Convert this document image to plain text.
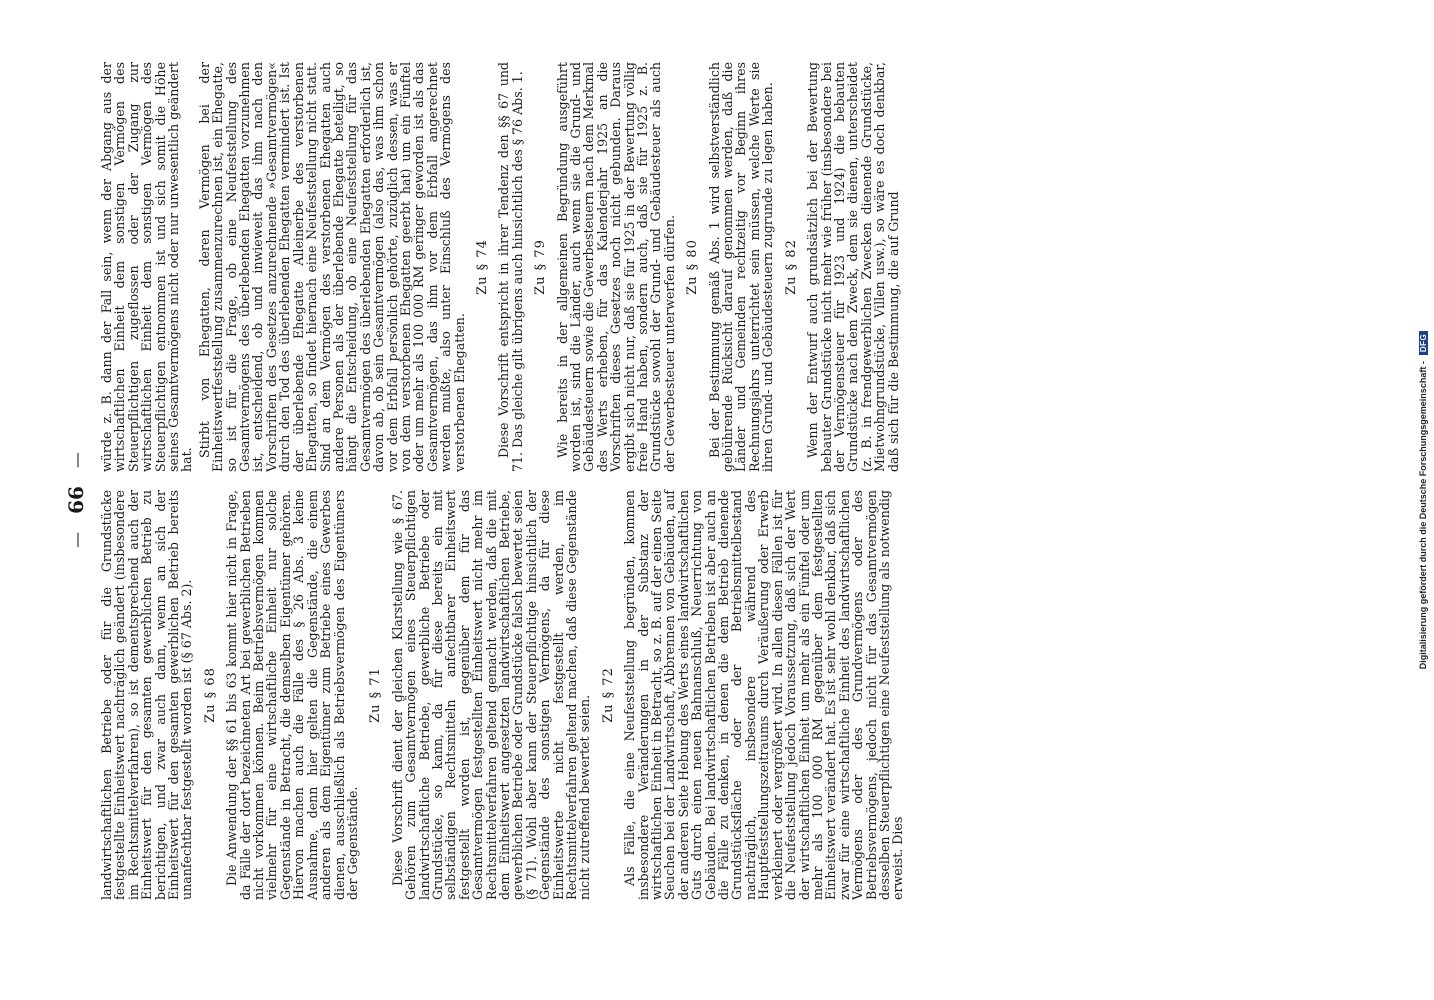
—
66
—

landwirtschaftlichen Betriebe oder für die Grundstücke festgestellte Einheitswert nachträglich geändert (insbesondere im Rechtsmittelverfahren), so ist dementsprechend auch der Einheitswert für den gesamten gewerblichen Betrieb zu berichtigen, und zwar auch dann, wenn an sich der Einheitswert für den gesamten gewerblichen Betrieb bereits unanfechtbar festgestellt worden ist (§ 67 Abs. 2). Zu § 68 Die Anwendung der §§ 61 bis 63 kommt hier nicht in Frage, da Fälle der dort bezeichneten Art bei gewerblichen Betrieben nicht vorkommen können. Beim Betriebsvermögen kommen vielmehr für eine wirtschaftliche Einheit nur solche Gegenstände in Betracht, die demselben Eigentümer gehören. Hiervon machen auch die Fälle des § 26 Abs. 3 keine Ausnahme, denn hier gelten die Gegenstände, die einem anderen als dem Eigentümer zum Betriebe eines Gewerbes dienen, ausschließlich als Betriebsvermögen des Eigentümers der Gegenstände.

Zu § 71 Diese Vorschrift dient der gleichen Klarstellung wie § 67. Gehören zum Gesamtvermögen eines Steuerpflichtigen landwirtschaftliche Betriebe, gewerbliche Betriebe oder Grundstücke, so kann, da für diese bereits ein mit selbständigen Rechtsmitteln anfechtbarer Einheitswert festgestellt worden ist, gegenüber dem für das Gesamtvermögen festgestellten Einheitswert nicht mehr im Rechtsmittelverfahren geltend gemacht werden, daß die mit dem Einheitswert angesetzten landwirtschaftlichen Betriebe, gewerblichen Betriebe oder Grundstücke falsch bewertet seien (§ 71). Wohl aber kann der Steuerpflichtige hinsichtlich der Gegenstände des sonstigen Vermögens, da für diese Einheitswerte nicht festgestellt werden, im Rechtsmittelverfahren geltend machen, daß diese Gegenstände nicht zutreffend bewertet seien. Zu § 72 Als Fälle, die eine Neufeststellung begründen, kommen insbesondere Veränderungen in der Substanz der wirtschaftlichen Einheit in Betracht, so z. B. auf der einen Seite Seuchen bei der Landwirtschaft, Abbrennen von Gebäuden, auf der anderen Seite Hebung des Werts eines landwirtschaftlichen Guts durch einen neuen Bahnanschluß, Neuerrichtung von Gebäuden. Bei landwirtschaftlichen Betrieben ist aber auch an die Fälle zu denken, in denen die dem Betrieb dienende Grundstücksfläche oder der Betriebsmittelbestand nachträglich, insbesondere während des Hauptfeststellungszeitraums durch Veräußerung oder Erwerb verkleinert oder vergrößert wird. In allen diesen Fällen ist für die Neufeststellung jedoch Voraussetzung, daß sich der Wert der wirtschaftlichen Einheit um mehr als ein Fünftel oder um mehr als 100 000 RM gegenüber dem festgestellten Einheitswert verändert hat. Es ist sehr wohl denkbar, daß sich zwar für eine wirtschaftliche Einheit des landwirtschaftlichen Vermögens oder des Grundvermögens oder des Betriebsvermögens, jedoch nicht für das Gesamtvermögen desselben Steuerpflichtigen eine Neufeststellung als notwendig erweist. Dies

würde z. B. dann der Fall sein, wenn der Abgang aus der wirtschaftlichen Einheit dem sonstigen Vermögen des Steuerpflichtigen zugeflossen oder der Zugang zur wirtschaftlichen Einheit dem sonstigen Vermögen des Steuerpflichtigen entnommen ist und sich somit die Höhe seines Gesamtvermögens nicht oder nur unwesentlich geändert hat.

Stirbt von Ehegatten, deren Vermögen bei der Einheitswertfeststellung zusammenzurechnen ist, ein Ehegatte, so ist für die Frage, ob eine Neufeststellung des Gesamtvermögens des überlebenden Ehegatten vorzunehmen ist, entscheidend, ob und inwieweit das ihm nach den Vorschriften des Gesetzes anzurechnende »Gesamtvermögen« durch den Tod des überlebenden Ehegatten vermindert ist. Ist der überlebende Ehegatte Alleinerbe des verstorbenen Ehegatten, so findet hiernach eine Neufeststellung nicht statt. Sind an dem Vermögen des verstorbenen Ehegatten auch andere Personen als der überlebende Ehegatte beteiligt, so hängt die Entscheidung, ob eine Neufeststellung für das Gesamtvermögen des überlebenden Ehegatten erforderlich ist, davon ab, ob sein Gesamtvermögen (also das, was ihm schon vor dem Erbfall persönlich gehörte, zuzüglich dessen, was er von dem verstorbenen Ehegatten geerbt hat) um ein Fünftel oder um mehr als 100 000 RM geringer geworden ist als das Gesamtvermögen, das ihm vor dem Erbfall angerechnet werden mußte, also unter Einschluß des Vermögens des verstorbenen Ehegatten.

Zu § 74 Diese Vorschrift entspricht in ihrer Tendenz den §§ 67 und 71. Das gleiche gilt übrigens auch hinsichtlich des § 76 Abs. 1. Zu § 79 Wie bereits in der allgemeinen Begründung ausgeführt worden ist, sind die Länder, auch wenn sie die Grund- und Gebäudesteuern sowie die Gewerbesteuern nach dem Merkmal des Werts erheben, für das Kalenderjahr 1925 an die Vorschriften dieses Gesetzes noch nicht gebunden. Daraus ergibt sich nicht nur, daß sie für 1925 in der Bewertung völlig freie Hand haben, sondern auch, daß sie für 1925 z. B. Grundstücke sowohl der Grund- und Gebäudesteuer als auch der Gewerbesteuer unterwerfen dürfen. Zu § 80 Bei der Bestimmung gemäß Abs. 1 wird selbstverständlich gebührende Rücksicht darauf genommen werden, daß die Länder und Gemeinden rechtzeitig vor Beginn ihres Rechnungsjahrs unterrichtet sein müssen, welche Werte sie ihren Grund- und Gebäudesteuern zugrunde zu legen haben. Zu § 82 Wenn der Entwurf auch grundsätzlich bei der Bewertung bebauter Grundstücke nicht mehr wie früher (insbesondere bei der Vermögensteuer für 1923 und 1924) die bebauten Grundstücke nach dem Zweck, dem sie dienen, unterscheidet (z. B. in frendgewerblichen Zwecken dienende Grundstücke, Mietwohngrundstücke, Villen usw.), so wäre es doch denkbar, daß sich für die Bestimmung, die auf Grund

Digitalisierung gefördert durch die Deutsche Forschungsgemeinschaft -
DFG
